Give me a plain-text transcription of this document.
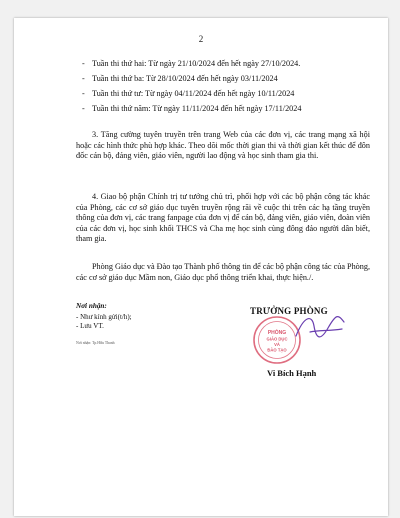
2
- Tuần thi thứ hai: Từ ngày 21/10/2024 đến hết ngày 27/10/2024.
- Tuần thi thứ ba: Từ 28/10/2024 đến hết ngày 03/11/2024
- Tuần thi thứ tư: Từ ngày 04/11/2024 đến hết ngày 10/11/2024
- Tuần thi thứ năm: Từ ngày 11/11/2024 đến hết ngày 17/11/2024
3. Tăng cường tuyên truyền trên trang Web của các đơn vị, các trang mạng xã hội hoặc các hình thức phù hợp khác. Theo dõi mốc thời gian thi và thời gian kết thúc để đôn đốc cán bộ, đảng viên, giáo viên, người lao động và học sinh tham gia thi.
4. Giao bộ phận Chính trị tư tưởng chủ trì, phối hợp với các bộ phận công tác khác của Phòng, các cơ sở giáo dục tuyên truyền rộng rãi về cuộc thi trên các hạ tầng truyền thông của đơn vị, các trang fanpage của đơn vị để cán bộ, đảng viên, giáo viên, đoàn viên của các đơn vị, học sinh khối THCS và Cha mẹ học sinh cùng đông đảo người dân biết, tham gia.
Phòng Giáo dục và Đào tạo Thành phố thông tin để các bộ phận công tác của Phòng, các cơ sở giáo dục Mầm non, Giáo dục phổ thông triển khai, thực hiện./.
Nơi nhận:
- Như kính gửi(t/h);
- Lưu VT.
Nơi nhận: Tp.Hữu Thanh
TRƯỞNG PHÒNG
PHÒNG
GIÁO DỤC
VÀ
ĐÀO TẠO
Vi Bích Hạnh
